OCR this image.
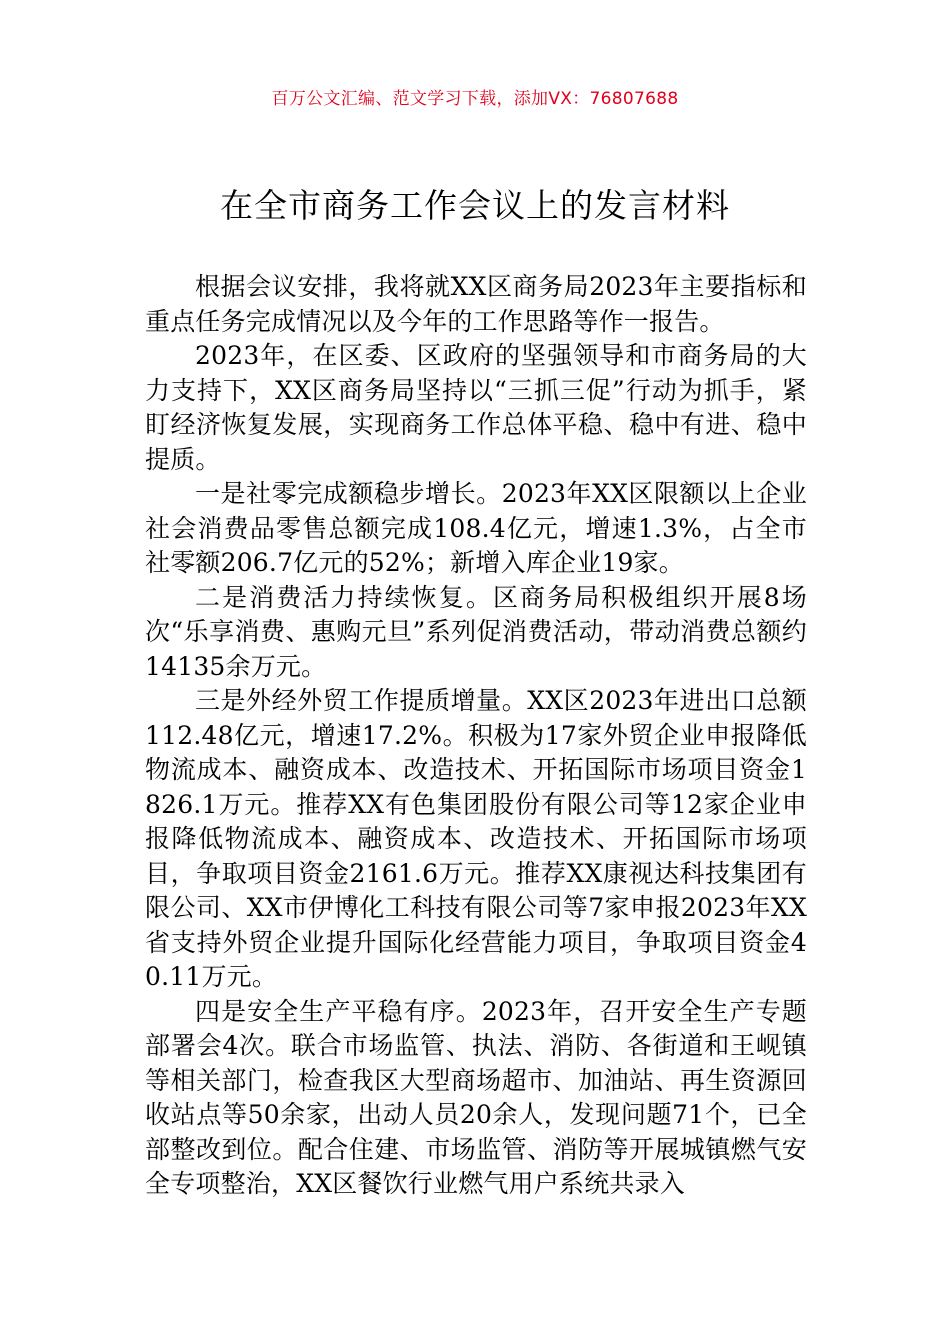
百万公文汇编、范文学习下载，添加VX：76807688
在全市商务工作会议上的发言材料

根据会议安排，我将就XX区商务局2023年主要指标和重点任务完成情况以及今年的工作思路等作一报告。

2023年，在区委、区政府的坚强领导和市商务局的大力支持下，XX区商务局坚持以“三抓三促”行动为抓手，紧盯经济恢复发展，实现商务工作总体平稳、稳中有进、稳中提质。

一是社零完成额稳步增长。2023年XX区限额以上企业社会消费品零售总额完成108.4亿元，增速1.3%，占全市社零额206.7亿元的52%；新增入库企业19家。

二是消费活力持续恢复。区商务局积极组织开展8场次“乐享消费、惠购元旦”系列促消费活动，带动消费总额约14135余万元。

三是外经外贸工作提质增量。XX区2023年进出口总额112.48亿元，增速17.2%。积极为17家外贸企业申报降低物流成本、融资成本、改造技术、开拓国际市场项目资金1826.1万元。推荐XX有色集团股份有限公司等12家企业申报降低物流成本、融资成本、改造技术、开拓国际市场项目，争取项目资金2161.6万元。推荐XX康视达科技集团有限公司、XX市伊博化工科技有限公司等7家申报2023年XX省支持外贸企业提升国际化经营能力项目，争取项目资金40.11万元。

四是安全生产平稳有序。2023年，召开安全生产专题部署会4次。联合市场监管、执法、消防、各街道和王岘镇等相关部门，检查我区大型商场超市、加油站、再生资源回收站点等50余家，出动人员20余人，发现问题71个，已全部整改到位。配合住建、市场监管、消防等开展城镇燃气安全专项整治，XX区餐饮行业燃气用户系统共录入
